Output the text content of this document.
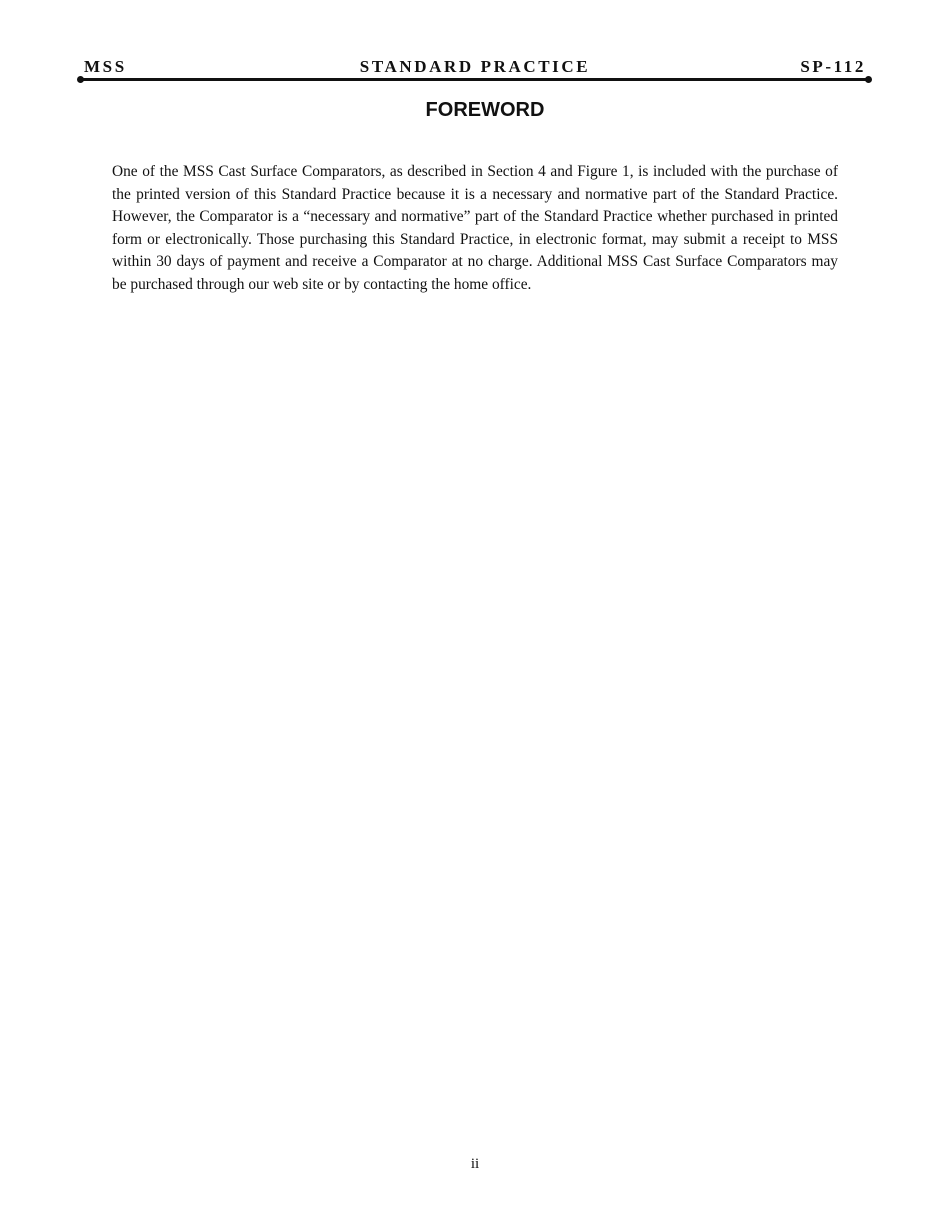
MSS	STANDARD PRACTICE	SP-112
FOREWORD

One of the MSS Cast Surface Comparators, as described in Section 4 and Figure 1, is included with the purchase of the printed version of this Standard Practice because it is a necessary and normative part of the Standard Practice. However, the Comparator is a “necessary and normative” part of the Standard Practice whether purchased in printed form or electronically. Those purchasing this Standard Practice, in electronic format, may submit a receipt to MSS within 30 days of payment and receive a Comparator at no charge. Additional MSS Cast Surface Comparators may be purchased through our web site or by contacting the home office.

ii
